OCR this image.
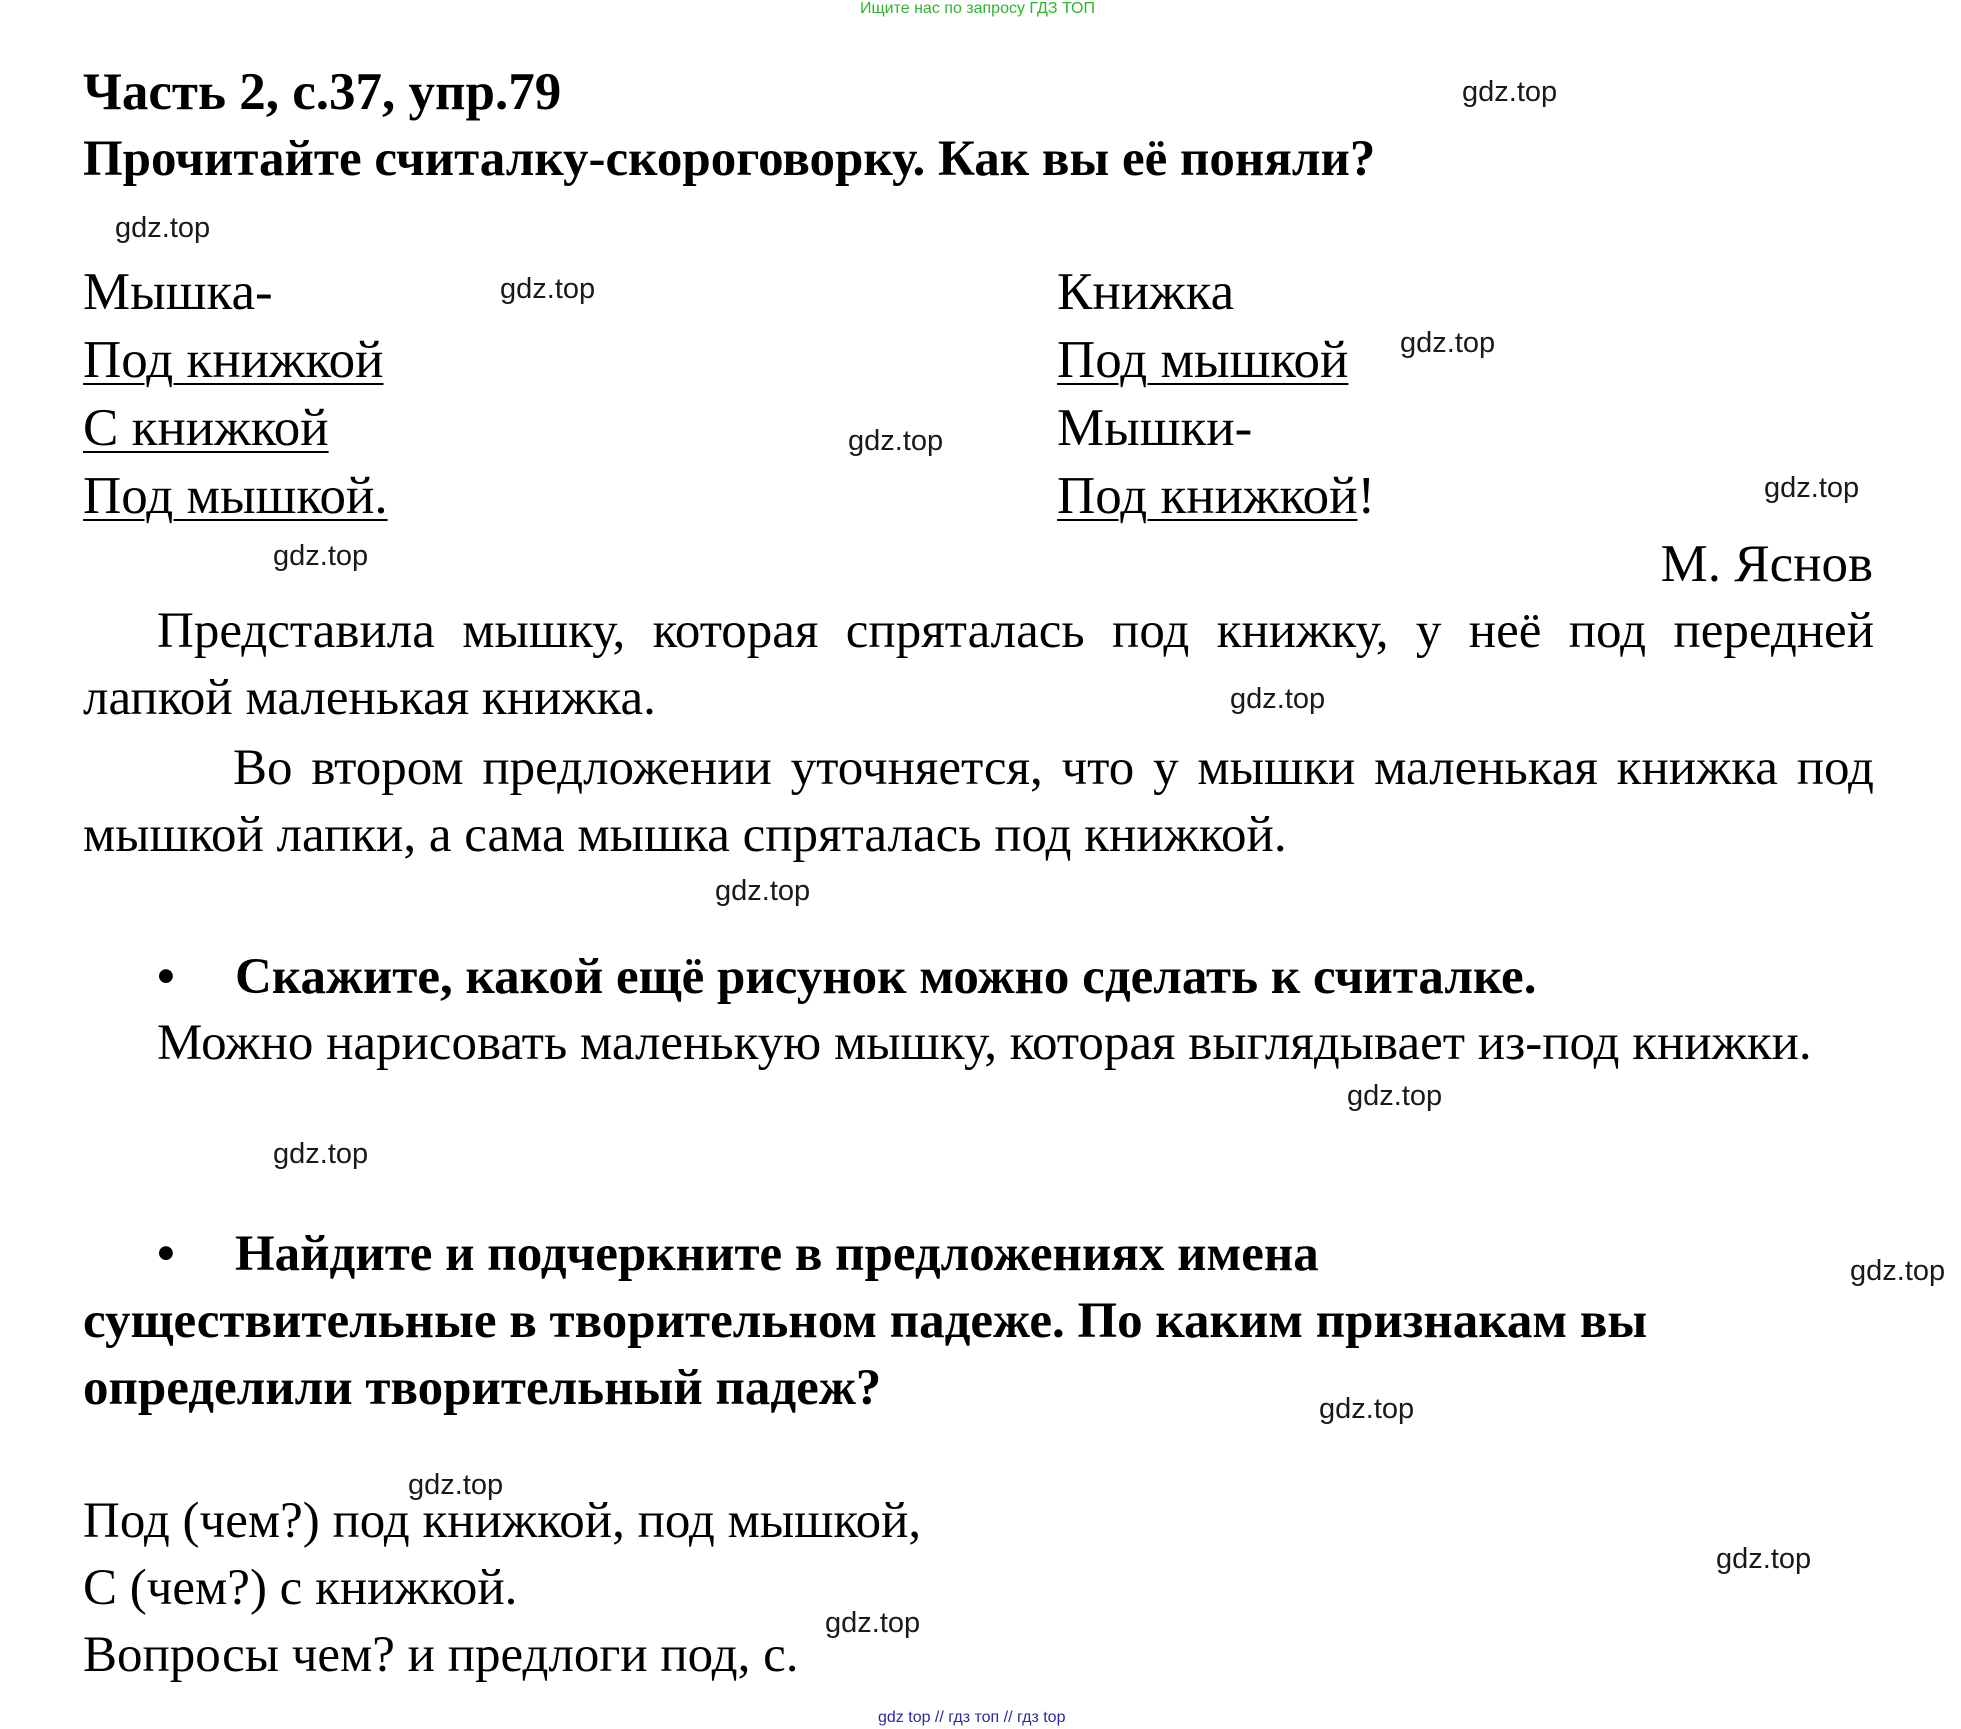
Ищите нас по запросу ГДЗ ТОП
Часть 2, с.37, упр.79
Прочитайте считалку-скороговорку. Как вы её поняли?
Мышка-
Под книжкой
С книжкой
Под мышкой.
Книжка
Под мышкой
Мышки-
Под книжкой!
М. Яснов
Представила мышку, которая спряталась под книжку, у неё под передней лапкой маленькая книжка.
Во втором предложении уточняется, что у мышки маленькая книжка под мышкой лапки, а сама мышка спряталась под книжкой.
• Скажите, какой ещё рисунок можно сделать к считалке.
Можно нарисовать маленькую мышку, которая выглядывает из-под книжки.
• Найдите и подчеркните в предложениях имена
существительные в творительном падеже. По каким признакам вы
определили творительный падеж?
Под (чем?) под книжкой, под мышкой,
С (чем?) с книжкой.
Вопросы чем? и предлоги под, с.
gdz.top
gdz.top
gdz.top
gdz.top
gdz.top
gdz.top
gdz.top
gdz.top
gdz.top
gdz.top
gdz.top
gdz.top
gdz.top
gdz.top
gdz.top
gdz.top
gdz top // гдз топ // гдз top
